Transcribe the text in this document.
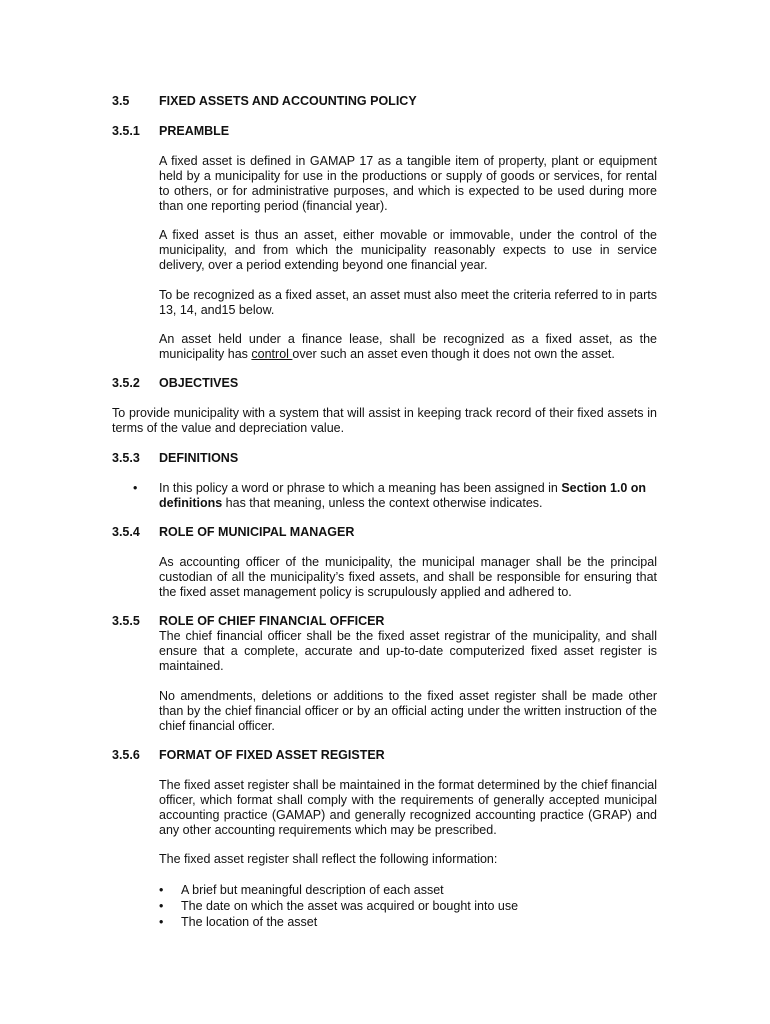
3.5 FIXED ASSETS AND ACCOUNTING POLICY
3.5.1 PREAMBLE
A fixed asset is defined in GAMAP 17 as a tangible item of property, plant or equipment held by a municipality for use in the productions or supply of goods or services, for rental to others, or for administrative purposes, and which is expected to be used during more than one reporting period (financial year).
A fixed asset is thus an asset, either movable or immovable, under the control of the municipality, and from which the municipality reasonably expects to use in service delivery, over a period extending beyond one financial year.
To be recognized as a fixed asset, an asset must also meet the criteria referred to in parts 13, 14, and15 below.
An asset held under a finance lease, shall be recognized as a fixed asset, as the municipality has control over such an asset even though it does not own the asset.
3.5.2 OBJECTIVES
To provide municipality with a system that will assist in keeping track record of their fixed assets in terms of the value and depreciation value.
3.5.3 DEFINITIONS
• In this policy a word or phrase to which a meaning has been assigned in Section 1.0 on definitions has that meaning, unless the context otherwise indicates.
3.5.4 ROLE OF MUNICIPAL MANAGER
As accounting officer of the municipality, the municipal manager shall be the principal custodian of all the municipality’s fixed assets, and shall be responsible for ensuring that the fixed asset management policy is scrupulously applied and adhered to.
3.5.5 ROLE OF CHIEF FINANCIAL OFFICER
The chief financial officer shall be the fixed asset registrar of the municipality, and shall ensure that a complete, accurate and up-to-date computerized fixed asset register is maintained.
No amendments, deletions or additions to the fixed asset register shall be made other than by the chief financial officer or by an official acting under the written instruction of the chief financial officer.
3.5.6 FORMAT OF FIXED ASSET REGISTER
The fixed asset register shall be maintained in the format determined by the chief financial officer, which format shall comply with the requirements of generally accepted municipal accounting practice (GAMAP) and generally recognized accounting practice (GRAP) and any other accounting requirements which may be prescribed.
The fixed asset register shall reflect the following information:
• A brief but meaningful description of each asset
• The date on which the asset was acquired or bought into use
• The location of the asset
